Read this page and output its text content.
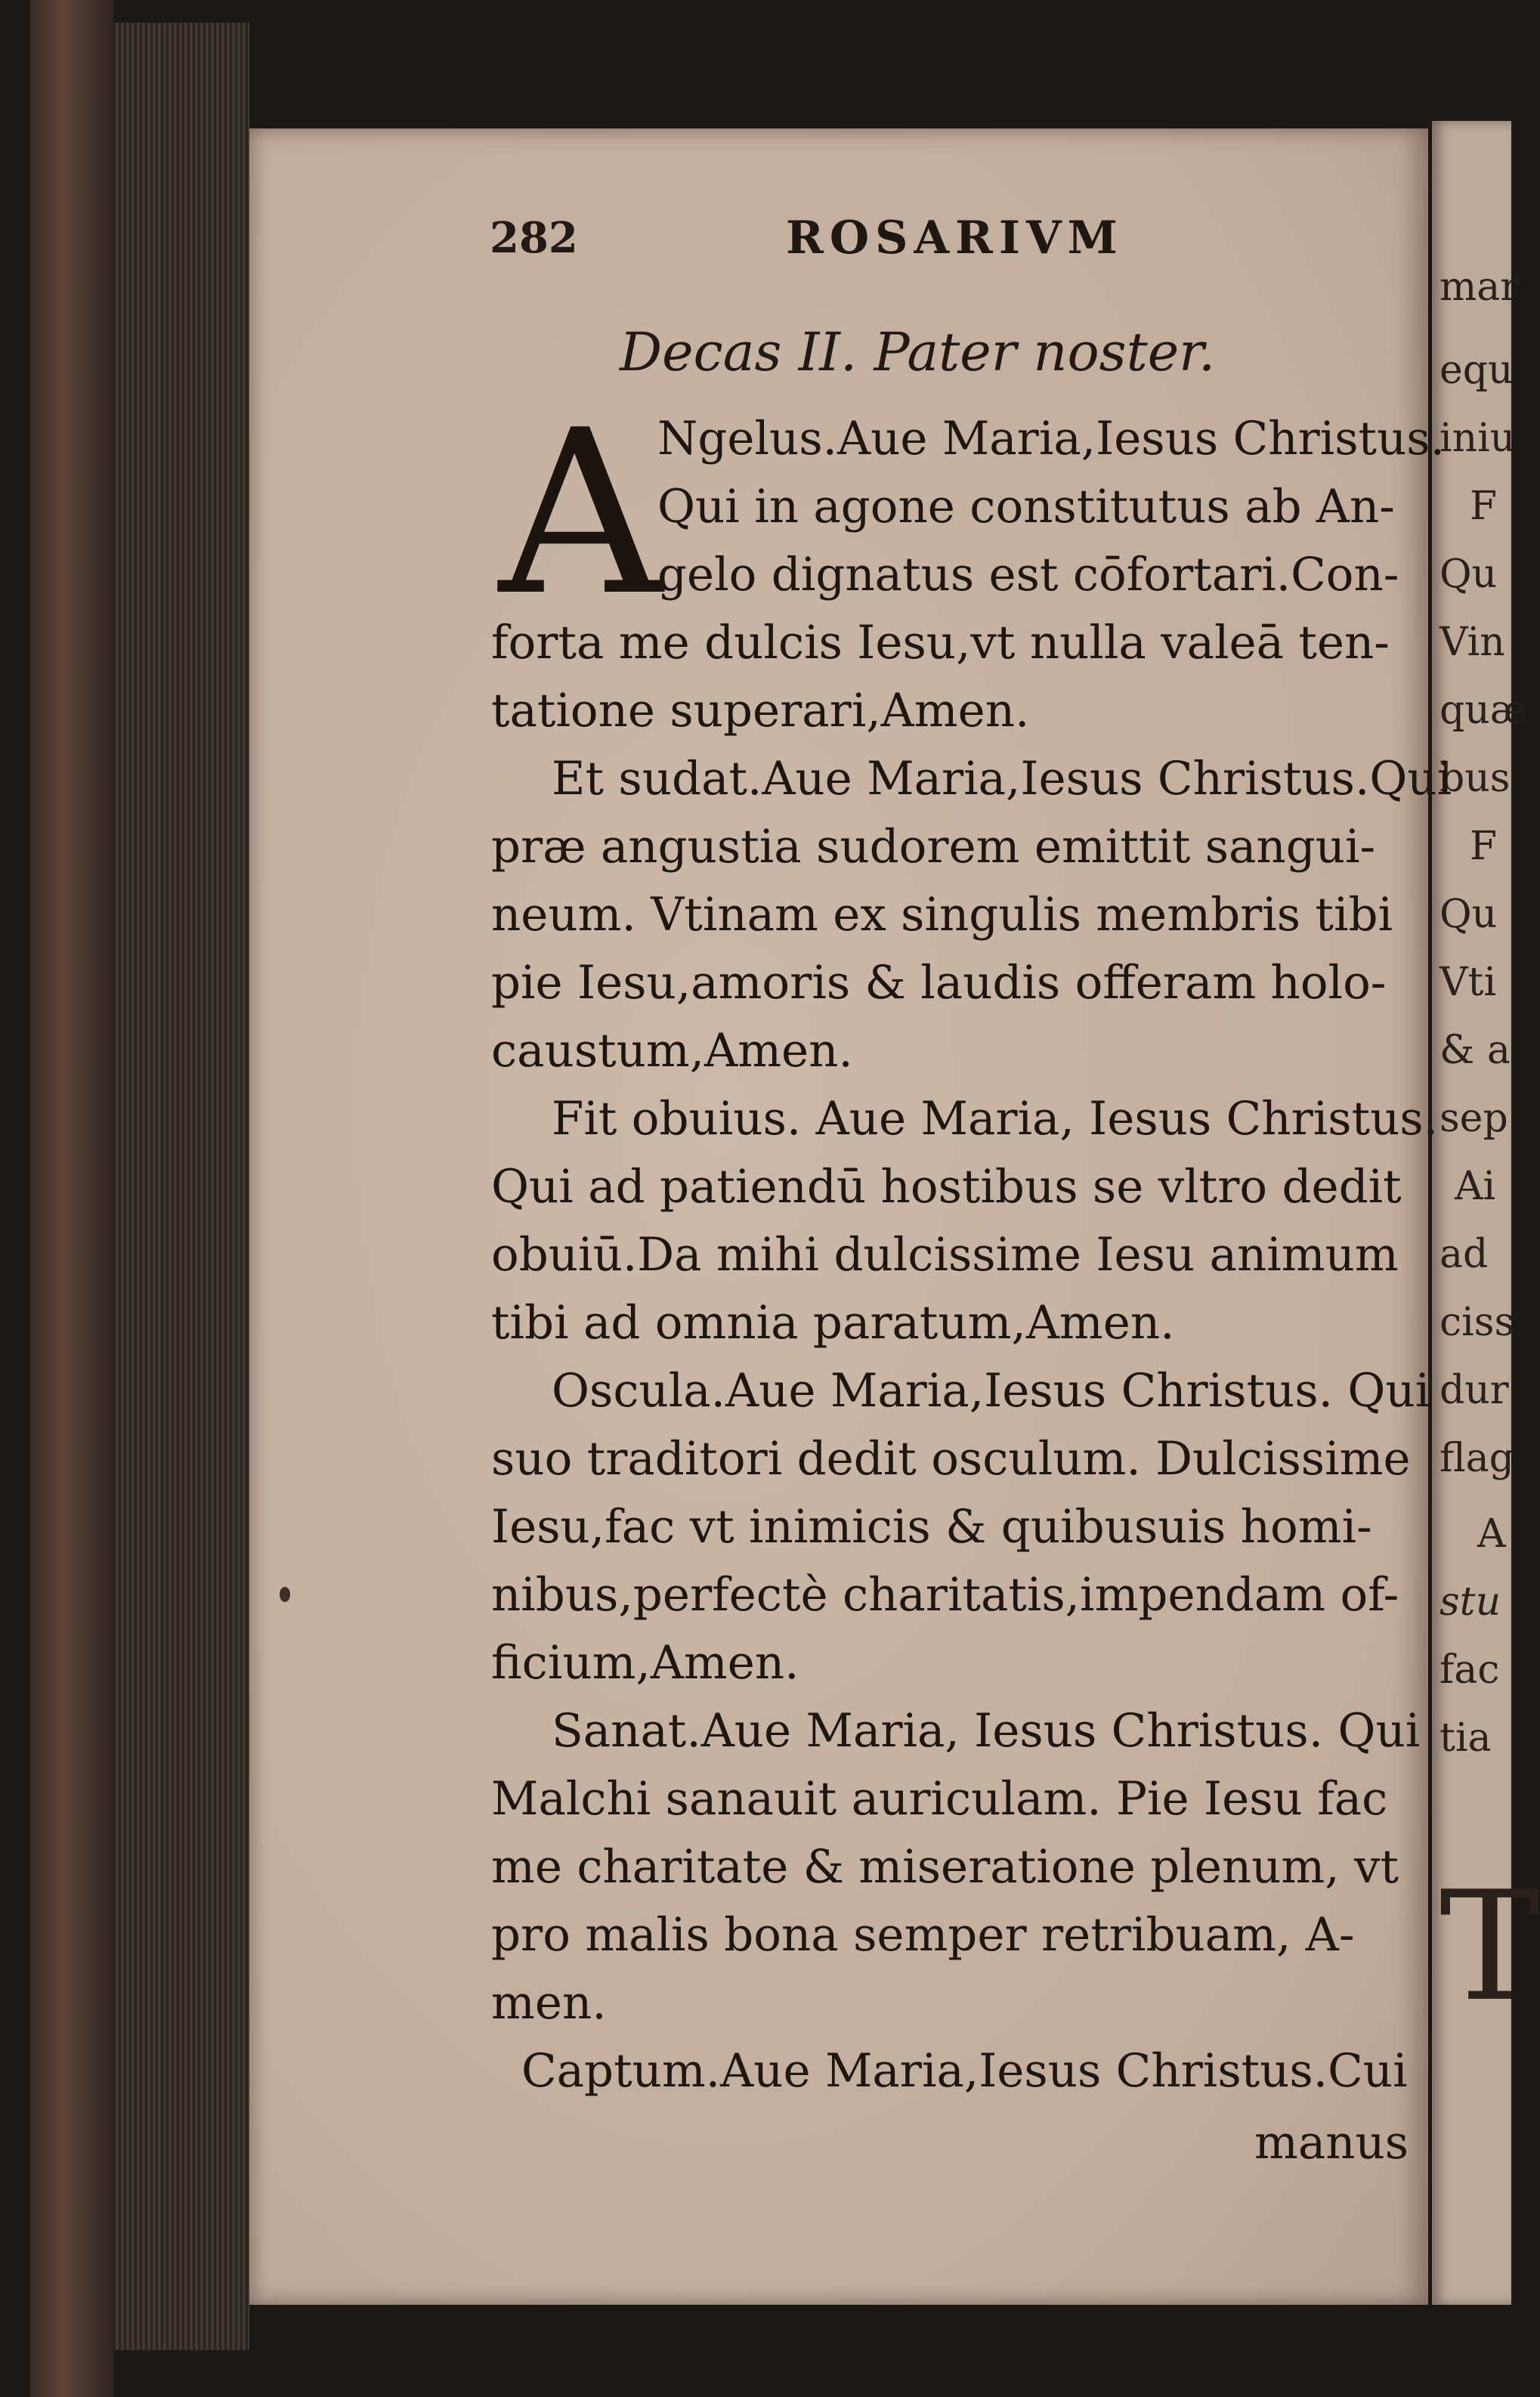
mar
equ
iniu
F
Qu
Vin
quæ
bus
F
Qu
Vti
& a
sep
Ai
ad
ciss
dur
flag
A
stu
fac
tia
T
282	ROSARIVM
Decas II. Pater noster.
A
Ngelus.Aue Maria,Iesus Christus.
Qui in agone constitutus ab An-
gelo dignatus est cōfortari.Con-
forta me dulcis Iesu,vt nulla valeā ten-
tatione superari,Amen.
Et sudat.Aue Maria,Iesus Christus.Qui
præ angustia sudorem emittit sangui-
neum. Vtinam ex singulis membris tibi
pie Iesu,amoris & laudis offeram holo-
caustum,Amen.
Fit obuius. Aue Maria, Iesus Christus.
Qui ad patiendū hostibus se vltro dedit
obuiū.Da mihi dulcissime Iesu animum
tibi ad omnia paratum,Amen.
Oscula.Aue Maria,Iesus Christus. Qui
suo traditori dedit osculum. Dulcissime
Iesu,fac vt inimicis & quibusuis homi-
nibus,perfectè charitatis,impendam of-
ficium,Amen.
Sanat.Aue Maria, Iesus Christus. Qui
Malchi sanauit auriculam. Pie Iesu fac
me charitate & miseratione plenum, vt
pro malis bona semper retribuam, A-
men.
Captum.Aue Maria,Iesus Christus.Cui
manus
